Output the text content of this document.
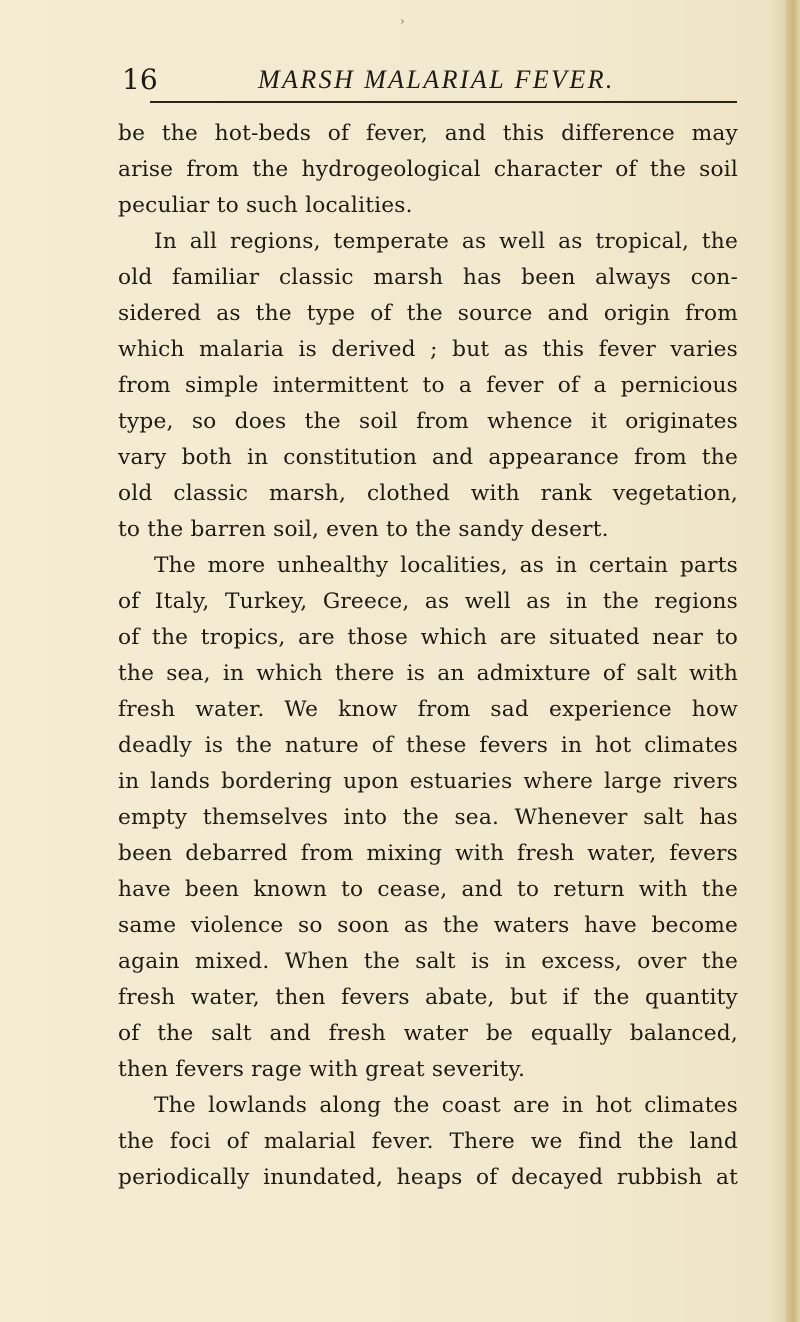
›
16	MARSH MALARIAL FEVER.
be the hot-beds of fever, and this difference may
arise from the hydrogeological character of the soil
peculiar to such localities.
In all regions, temperate as well as tropical, the
old familiar classic marsh has been always con-
sidered as the type of the source and origin from
which malaria is derived ; but as this fever varies
from simple intermittent to a fever of a pernicious
type, so does the soil from whence it originates
vary both in constitution and appearance from the
old classic marsh, clothed with rank vegetation,
to the barren soil, even to the sandy desert.
The more unhealthy localities, as in certain parts
of Italy, Turkey, Greece, as well as in the regions
of the tropics, are those which are situated near to
the sea, in which there is an admixture of salt with
fresh water. We know from sad experience how
deadly is the nature of these fevers in hot climates
in lands bordering upon estuaries where large rivers
empty themselves into the sea. Whenever salt has
been debarred from mixing with fresh water, fevers
have been known to cease, and to return with the
same violence so soon as the waters have become
again mixed. When the salt is in excess, over the
fresh water, then fevers abate, but if the quantity
of the salt and fresh water be equally balanced,
then fevers rage with great severity.
The lowlands along the coast are in hot climates
the foci of malarial fever. There we find the land
periodically inundated, heaps of decayed rubbish at
